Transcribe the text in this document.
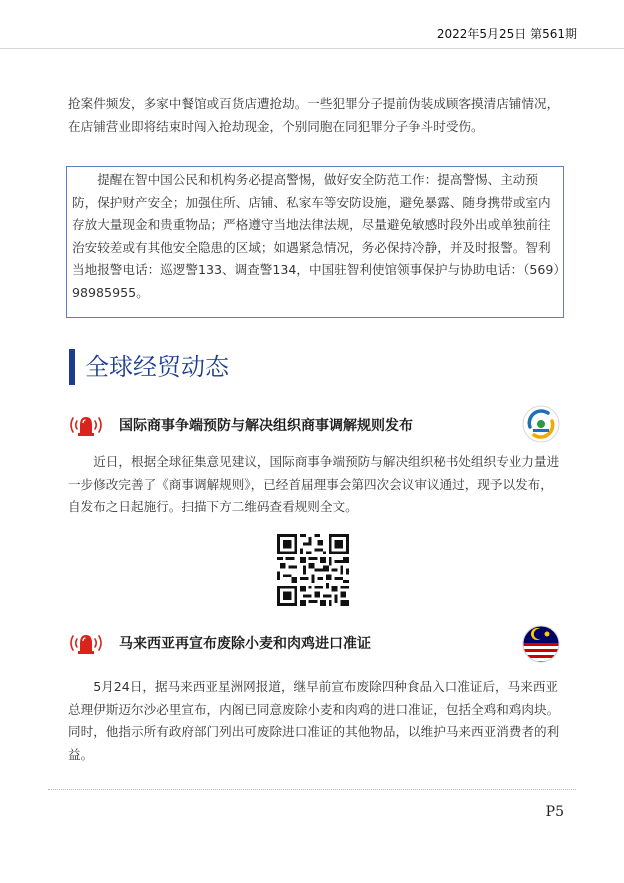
2022年5月25日 第561期

抢案件频发，多家中餐馆或百货店遭抢劫。一些犯罪分子提前伪装成顾客摸清店铺情况，在店铺营业即将结束时闯入抢劫现金，个别同胞在同犯罪分子争斗时受伤。

提醒在智中国公民和机构务必提高警惕，做好安全防范工作：提高警惕、主动预防，保护财产安全；加强住所、店铺、私家车等安防设施，避免暴露、随身携带或室内存放大量现金和贵重物品；严格遵守当地法律法规，尽量避免敏感时段外出或单独前往治安较差或有其他安全隐患的区域；如遇紧急情况，务必保持冷静，并及时报警。智利当地报警电话：巡逻警133、调查警134，中国驻智利使馆领事保护与协助电话：（569）98985955。

全球经贸动态
国际商事争端预防与解决组织商事调解规则发布

近日，根据全球征集意见建议，国际商事争端预防与解决组织秘书处组织专业力量进一步修改完善了《商事调解规则》，已经首届理事会第四次会议审议通过，现予以发布，自发布之日起施行。扫描下方二维码查看规则全文。

马来西亚再宣布废除小麦和肉鸡进口准证

5月24日，据马来西亚星洲网报道，继早前宣布废除四种食品入口准证后，马来西亚总理伊斯迈尔沙必里宣布，内阁已同意废除小麦和肉鸡的进口准证，包括全鸡和鸡肉块。同时，他指示所有政府部门列出可废除进口准证的其他物品，以维护马来西亚消费者的利益。

P5
